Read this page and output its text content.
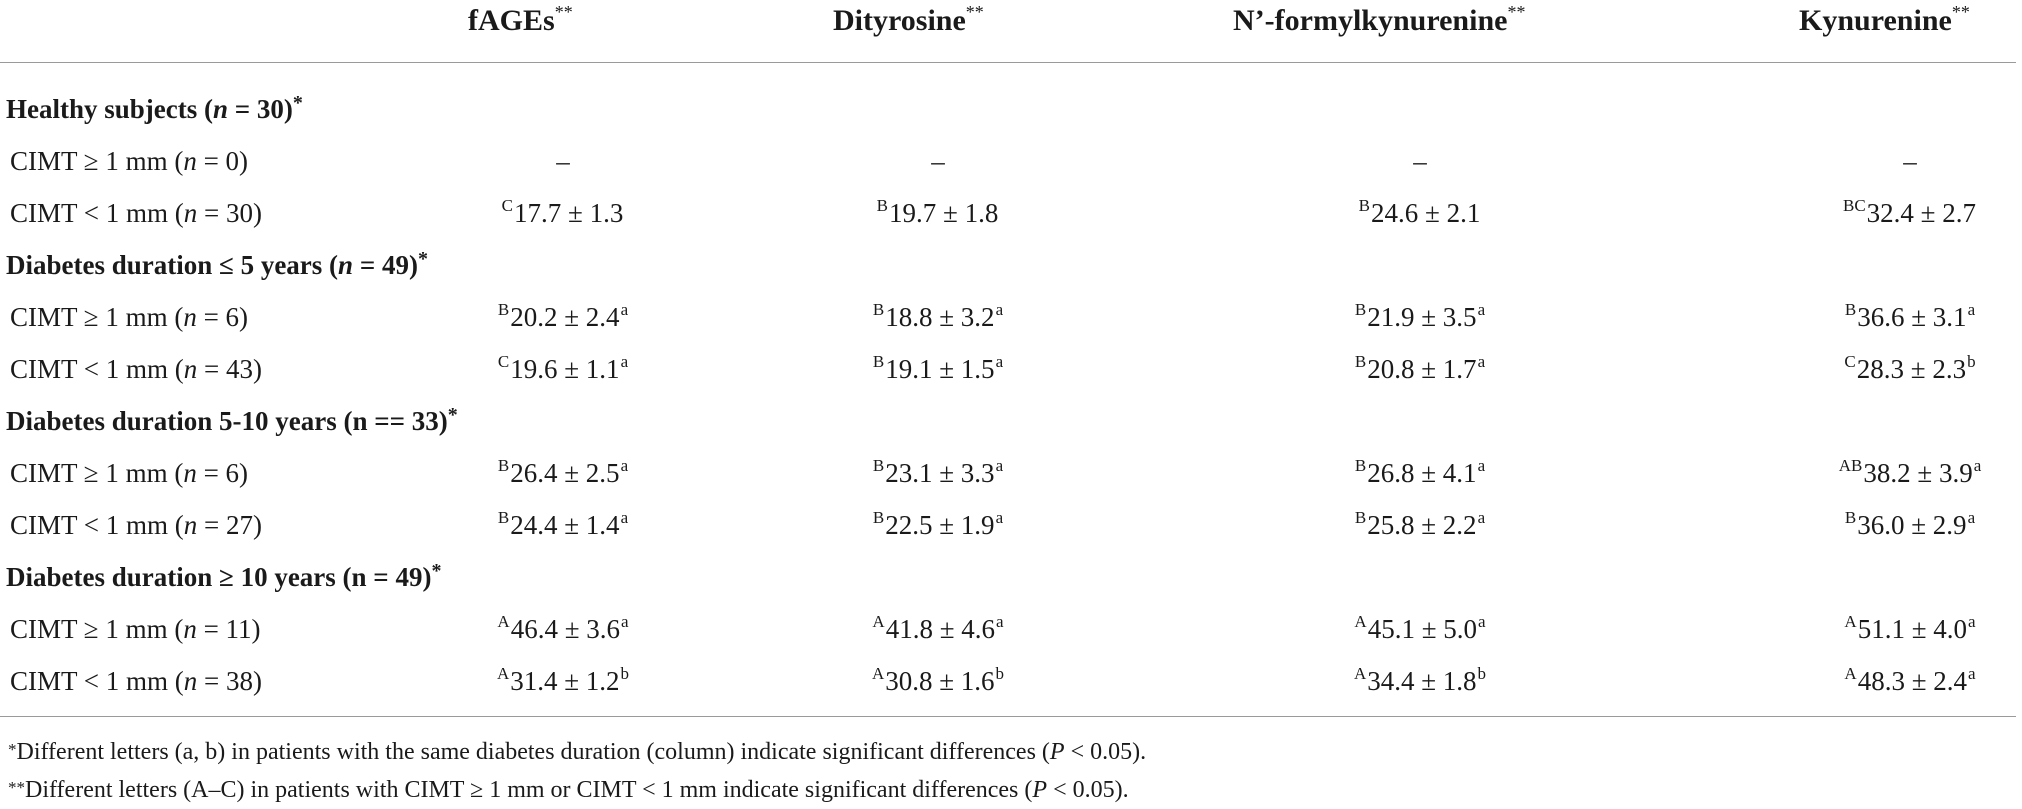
fAGEs**	Dityrosine**	N’-formylkynurenine**	Kynurenine**
Healthy subjects (n = 30)*
CIMT ≥ 1 mm (n = 0)	–	–	–	–
CIMT < 1 mm (n = 30)	$^C$17.7 ± 1.3	$^B$19.7 ± 1.8	$^B$24.6 ± 2.1	$^{BC}$32.4 ± 2.7
Diabetes duration ≤ 5 years (n = 49)*
CIMT ≥ 1 mm (n = 6)	$^B$20.2 ± 2.4$^a$	$^B$18.8 ± 3.2$^a$	$^B$21.9 ± 3.5$^a$	$^B$36.6 ± 3.1$^a$
CIMT < 1 mm (n = 43)	$^C$19.6 ± 1.1$^a$	$^B$19.1 ± 1.5$^a$	$^B$20.8 ± 1.7$^a$	$^C$28.3 ± 2.3$^b$
Diabetes duration 5-10 years (n == 33)*
CIMT ≥ 1 mm (n = 6)	$^B$26.4 ± 2.5$^a$	$^B$23.1 ± 3.3$^a$	$^B$26.8 ± 4.1$^a$	$^{AB}$38.2 ± 3.9$^a$
CIMT < 1 mm (n = 27)	$^B$24.4 ± 1.4$^a$	$^B$22.5 ± 1.9$^a$	$^B$25.8 ± 2.2$^a$	$^B$36.0 ± 2.9$^a$
Diabetes duration ≥ 10 years (n = 49)*
CIMT ≥ 1 mm (n = 11)	$^A$46.4 ± 3.6$^a$	$^A$41.8 ± 4.6$^a$	$^A$45.1 ± 5.0$^a$	$^A$51.1 ± 4.0$^a$
CIMT < 1 mm (n = 38)	$^A$31.4 ± 1.2$^b$	$^A$30.8 ± 1.6$^b$	$^A$34.4 ± 1.8$^b$	$^A$48.3 ± 2.4$^a$
*Different letters (a, b) in patients with the same diabetes duration (column) indicate significant differences (P < 0.05).
**Different letters (A–C) in patients with CIMT ≥ 1 mm or CIMT < 1 mm indicate significant differences (P < 0.05).
